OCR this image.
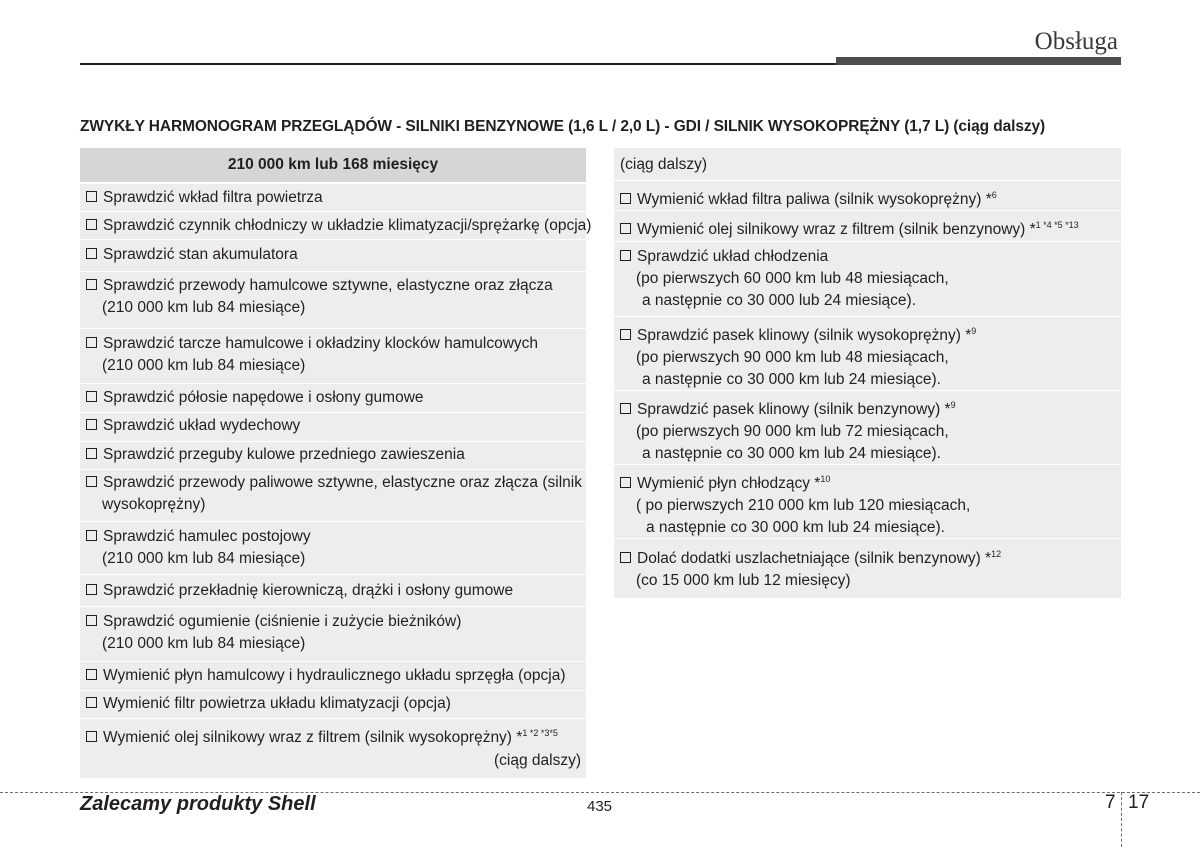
Obsługa
ZWYKŁY HARMONOGRAM PRZEGLĄDÓW - SILNIKI BENZYNOWE (1,6 L / 2,0 L) - GDI / SILNIK WYSOKOPRĘŻNY (1,7 L) (ciąg dalszy)
210 000 km lub 168 miesięcy
Sprawdzić wkład filtra powietrza
Sprawdzić czynnik chłodniczy w układzie klimatyzacji/sprężarkę (opcja)
Sprawdzić stan akumulatora
Sprawdzić przewody hamulcowe sztywne, elastyczne oraz złącza
(210 000 km lub 84 miesiące)
Sprawdzić tarcze hamulcowe i okładziny klocków hamulcowych
(210 000 km lub 84 miesiące)
Sprawdzić półosie napędowe i osłony gumowe
Sprawdzić układ wydechowy
Sprawdzić przeguby kulowe przedniego zawieszenia
Sprawdzić przewody paliwowe sztywne, elastyczne oraz złącza (silnik
wysokoprężny)
Sprawdzić hamulec postojowy
(210 000 km lub 84 miesiące)
Sprawdzić przekładnię kierowniczą, drążki i osłony gumowe
Sprawdzić ogumienie (ciśnienie i zużycie bieżników)
(210 000 km lub 84 miesiące)
Wymienić płyn hamulcowy i hydraulicznego układu sprzęgła (opcja)
Wymienić filtr powietrza układu klimatyzacji (opcja)
Wymienić olej silnikowy wraz z filtrem (silnik wysokoprężny) *$^{1 *2 *3*5}$
(ciąg dalszy)
(ciąg dalszy)
Wymienić wkład filtra paliwa (silnik wysokoprężny) *$^6$
Wymienić olej silnikowy wraz z filtrem (silnik benzynowy) *$^{1 *4 *5 *13}$
Sprawdzić układ chłodzenia
(po pierwszych 60 000 km lub 48 miesiącach,
a następnie co 30 000 lub 24 miesiące).
Sprawdzić pasek klinowy (silnik wysokoprężny) *$^9$
(po pierwszych 90 000 km lub 48 miesiącach,
a następnie co 30 000 km lub 24 miesiące).
Sprawdzić pasek klinowy (silnik benzynowy) *$^9$
(po pierwszych 90 000 km lub 72 miesiącach,
a następnie co 30 000 km lub 24 miesiące).
Wymienić płyn chłodzący *$^{10}$
( po pierwszych 210 000 km lub 120 miesiącach,
a następnie co 30 000 km lub 24 miesiące).
Dolać dodatki uszlachetniające (silnik benzynowy) *$^{12}$
(co 15 000 km lub 12 miesięcy)
Zalecamy produkty Shell	435	7 17
